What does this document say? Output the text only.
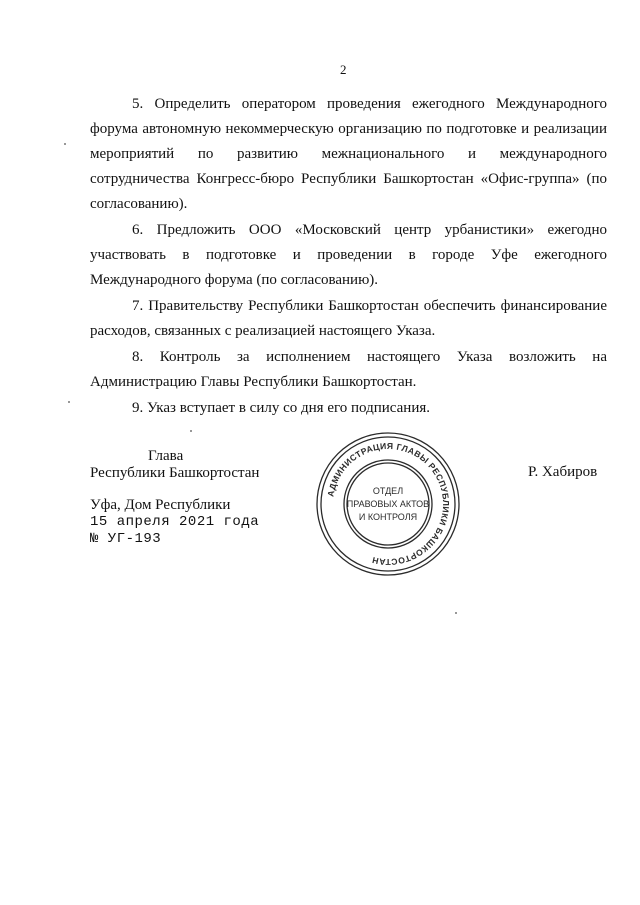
2

5. Определить оператором проведения ежегодного Международного форума автономную некоммерческую организацию по подготовке и реализации мероприятий по развитию межнационального и международного сотрудничества Конгресс-бюро Республики Башкортостан «Офис-группа» (по согласованию).

6. Предложить ООО «Московский центр урбанистики» ежегодно участвовать в подготовке и проведении в городе Уфе ежегодного Международного форума (по согласованию).

7. Правительству Республики Башкортостан обеспечить финансирование расходов, связанных с реализацией настоящего Указа.

8. Контроль за исполнением настоящего Указа возложить на Администрацию Главы Республики Башкортостан.

9. Указ вступает в силу со дня его подписания.

Глава
Республики Башкортостан	Р. Хабиров
Уфа, Дом Республики
15 апреля 2021 года
№ УГ-193
АДМИНИСТРАЦИЯ ГЛАВЫ РЕСПУБЛИКИ БАШКОРТОСТАН
ОТДЕЛ
ПРАВОВЫХ АКТОВ
И КОНТРОЛЯ
